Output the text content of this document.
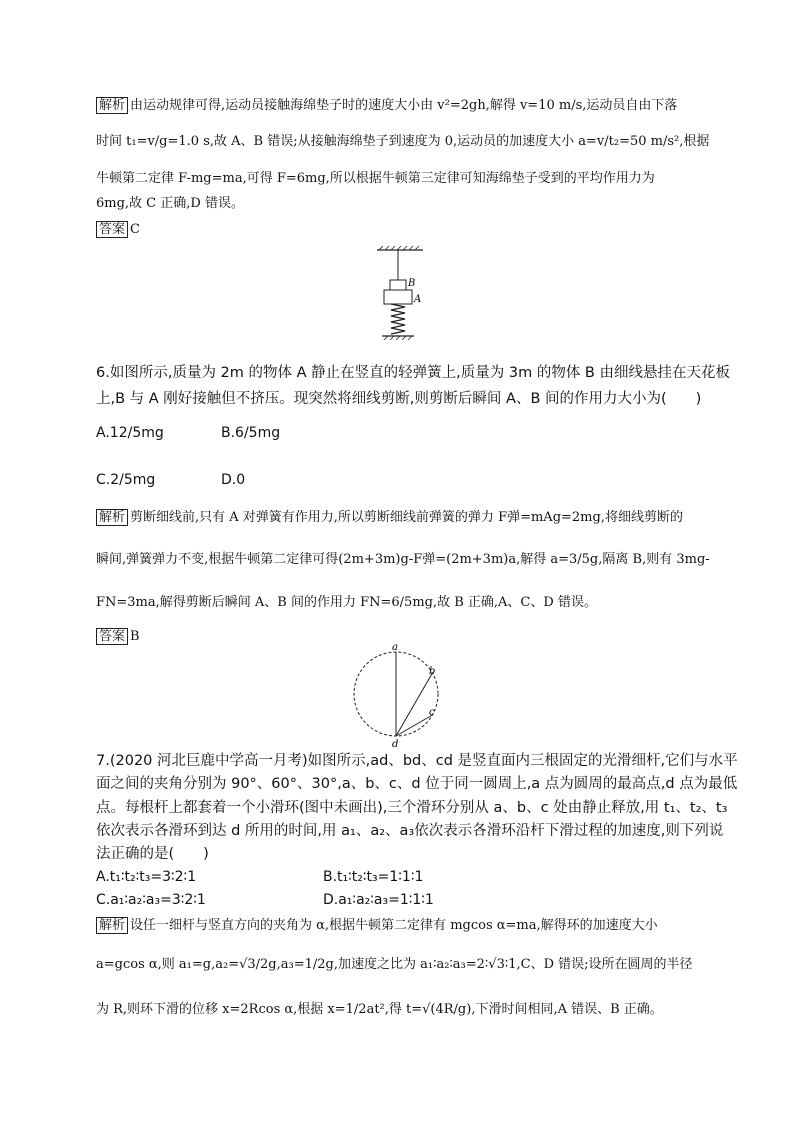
解析 由运动规律可得,运动员接触海绵垫子时的速度大小由 v²=2gh,解得 v=10 m/s,运动员自由下落
时间 t₁=v/g=1.0 s,故 A、B 错误;从接触海绵垫子到速度为 0,运动员的加速度大小 a=v/t₂=50 m/s²,根据
牛顿第二定律 F-mg=ma,可得 F=6mg,所以根据牛顿第三定律可知海绵垫子受到的平均作用力为
6mg,故 C 正确,D 错误。
答案 C
B
A
6.如图所示,质量为 2m 的物体 A 静止在竖直的轻弹簧上,质量为 3m 的物体 B 由细线悬挂在天花板
上,B 与 A 刚好接触但不挤压。现突然将细线剪断,则剪断后瞬间 A、B 间的作用力大小为(　　)
A.12/5mg	B.6/5mg
C.2/5mg	D.0
解析 剪断细线前,只有 A 对弹簧有作用力,所以剪断细线前弹簧的弹力 F弹=mAg=2mg,将细线剪断的
瞬间,弹簧弹力不变,根据牛顿第二定律可得(2m+3m)g-F弹=(2m+3m)a,解得 a=3/5g,隔离 B,则有 3mg-
FN=3ma,解得剪断后瞬间 A、B 间的作用力 FN=6/5mg,故 B 正确,A、C、D 错误。
答案 B
a
b
c
d
7.(2020 河北巨鹿中学高一月考)如图所示,ad、bd、cd 是竖直面内三根固定的光滑细杆,它们与水平
面之间的夹角分别为 90°、60°、30°,a、b、c、d 位于同一圆周上,a 点为圆周的最高点,d 点为最低
点。每根杆上都套着一个小滑环(图中未画出),三个滑环分别从 a、b、c 处由静止释放,用 t₁、t₂、t₃
依次表示各滑环到达 d 所用的时间,用 a₁、a₂、a₃依次表示各滑环沿杆下滑过程的加速度,则下列说
法正确的是(　　)
A.t₁∶t₂∶t₃=3∶2∶1	B.t₁∶t₂∶t₃=1∶1∶1
C.a₁∶a₂∶a₃=3∶2∶1	D.a₁∶a₂∶a₃=1∶1∶1
解析 设任一细杆与竖直方向的夹角为 α,根据牛顿第二定律有 mgcos α=ma,解得环的加速度大小
a=gcos α,则 a₁=g,a₂=√3/2g,a₃=1/2g,加速度之比为 a₁∶a₂∶a₃=2∶√3∶1,C、D 错误;设所在圆周的半径
为 R,则环下滑的位移 x=2Rcos α,根据 x=1/2at²,得 t=√(4R/g),下滑时间相同,A 错误、B 正确。
